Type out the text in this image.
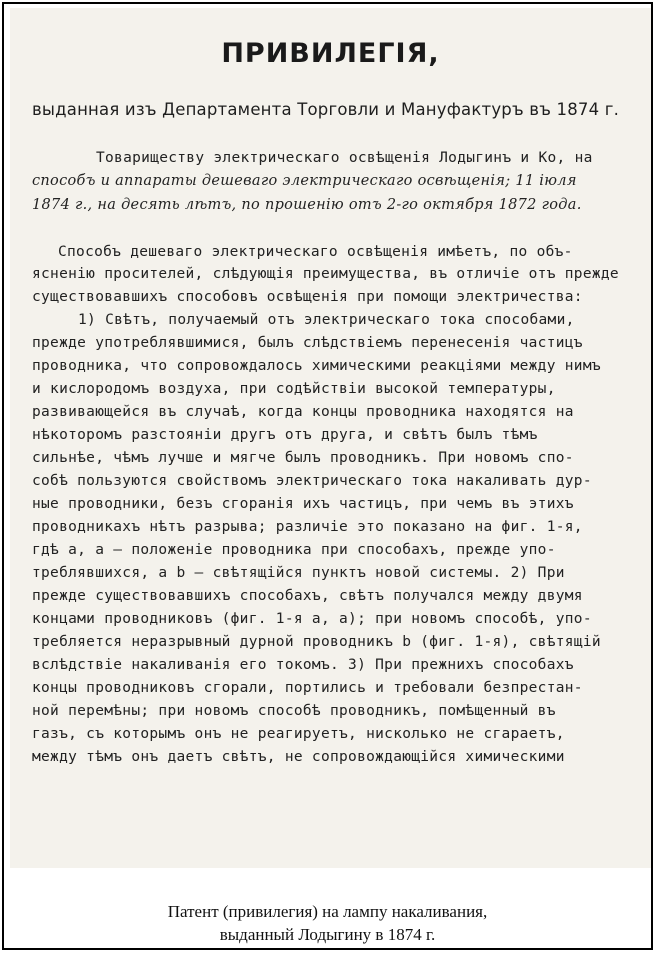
ПРИВИЛЕГІЯ,
выданная изъ Департамента Торговли и Мануфактуръ въ 1874 г.
Товариществу электрическаго освѣщенія Лодыгинъ и Ко, на
способъ и аппараты дешеваго электрическаго освѣщенія; 11 іюля
1874 г., на десять лѣтъ, по прошенію отъ 2-го октября 1872 года.
Способъ дешеваго электрическаго освѣщенія имѣетъ, по объ-
ясненію просителей, слѣдующія преимущества, въ отличіе отъ прежде
существовавшихъ способовъ освѣщенія при помощи электричества:
1) Свѣтъ, получаемый отъ электрическаго тока способами,
прежде употреблявшимися, былъ слѣдствіемъ перенесенія частицъ
проводника, что сопровождалось химическими реакціями между нимъ
и кислородомъ воздуха, при содѣйствіи высокой температуры,
развивающейся въ случаѣ, когда концы проводника находятся на
нѣкоторомъ разстояніи другъ отъ друга, и свѣтъ былъ тѣмъ
сильнѣе, чѣмъ лучше и мягче былъ проводникъ. При новомъ спо-
собѣ пользуются свойствомъ электрическаго тока накаливать дур-
ные проводники, безъ сгоранія ихъ частицъ, при чемъ въ этихъ
проводникахъ нѣтъ разрыва; различіе это показано на фиг. 1-я,
гдѣ a, a — положеніе проводника при способахъ, прежде упо-
треблявшихся, а b — свѣтящійся пунктъ новой системы. 2) При
прежде существовавшихъ способахъ, свѣтъ получался между двумя
концами проводниковъ (фиг. 1-я a, a); при новомъ способѣ, упо-
требляется неразрывный дурной проводникъ b (фиг. 1-я), свѣтящій
вслѣдствіе накаливанія его токомъ. 3) При прежнихъ способахъ
концы проводниковъ сгорали, портились и требовали безпрестан-
ной перемѣны; при новомъ способѣ проводникъ, помѣщенный въ
газъ, съ которымъ онъ не реагируетъ, нисколько не сгараетъ,
между тѣмъ онъ даетъ свѣтъ, не сопровождающійся химическими
Патент (привилегия) на лампу накаливания,
выданный Лодыгину в 1874 г.
